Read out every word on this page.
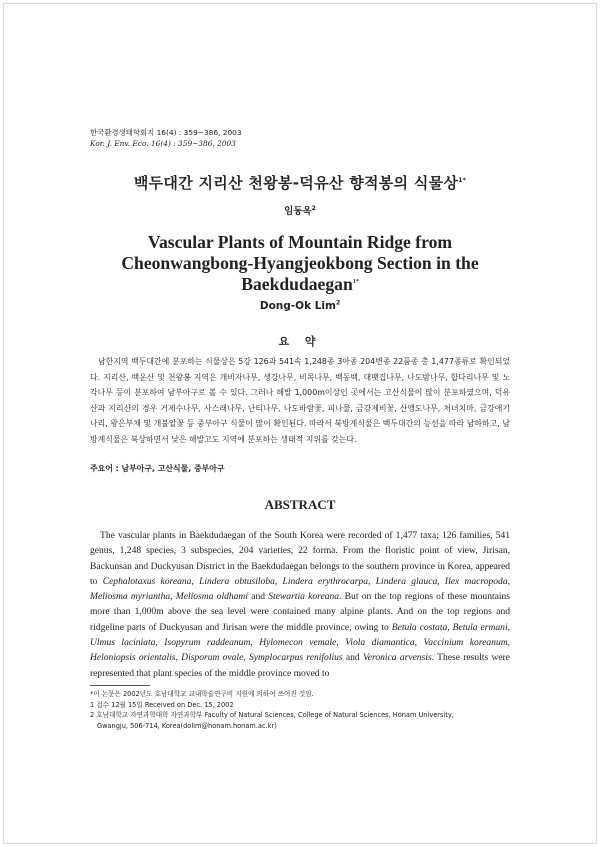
한국환경생태학회지 16(4) : 359~386, 2003
Kor. J. Env. Eco. 16(4) : 359~386, 2003
백두대간 지리산 천왕봉-덕유산 향적봉의 식물상$^{1*}$
임동옥$^2$
Vascular Plants of Mountain Ridge from Cheonwangbong-Hyangjeokbong Section in the Baekdudaegan$^{1*}$
Dong-Ok Lim$^2$
요 약
남한지역 백두대간에 분포하는 식물상은 5강 126과 541속 1,248종 3아종 204변종 22품종 총 1,477종류로 확인되었다. 지리산, 백운산 및 천왕봉 지역은 개비자나무, 생강나무, 비목나무, 백동백, 대팻집나무, 나도밤나무, 합다리나무 및 노각나무 등이 분포하여 남부아구로 볼 수 있다. 그러나 해발 1,000m이상인 곳에서는 고산식물이 많이 분포하였으며, 덕유산과 지리산의 경우 거제수나무, 사스래나무, 난티나무, 나도바람꽃, 피나물, 금강제비꽃, 산앵도나무, 처녀치마, 금강애기나리, 왕은부채 및 개불알꽃 등 중부아구 식물이 많이 확인된다. 따라서 북방계식물은 백두대간의 능선을 따라 남하하고, 남방계식물은 북상하면서 낮은 해발고도 지역에 분포하는 생태적 지위를 갖는다.
주요어 : 남부아구, 고산식물, 중부아구
ABSTRACT
The vascular plants in Baekdudaegan of the South Korea were recorded of 1,477 taxa; 126 families, 541 genus, 1,248 species, 3 subspecies, 204 varieties, 22 forma. From the floristic point of view, Jirisan, Backunsan and Duckyusan District in the Baekdudaegan belongs to the southern province in Korea, appeared to Cephalotaxus koreana, Lindera obtusiloba, Lindera erythrocarpa, Lindera glauca, Ilex macropoda, Meliosma myriantha, Meliosma oldhami and Stewartia koreana. But on the top regions of these mountains more than 1,000m above the sea level were contained many alpine plants. And on the top regions and ridgeline parts of Duckyusan and Jirisan were the middle province, owing to Betula costata, Betula ermani, Ulmus laciniata, Isopyrum raddeanum, Hylomecon vemale, Viola diamantica, Vaccinium koreanum, Heloniopsis orientalis, Disporum ovale, Symplocarpus renifolius and Veronica arvensis. These results were represented that plant species of the middle province moved to
*이 논문은 2002년도 호남대학교 교내학술연구비 지원에 의하여 쓰여진 것임.
1 접수 12월 15일 Received on Dec. 15, 2002
2 호남대학교 자연과학대학 자연과학부 Faculty of Natural Sciences, College of Natural Sciences, Honam University,
Gwangju, 506-714, Korea(dolim@honam.honam.ac.kr)
